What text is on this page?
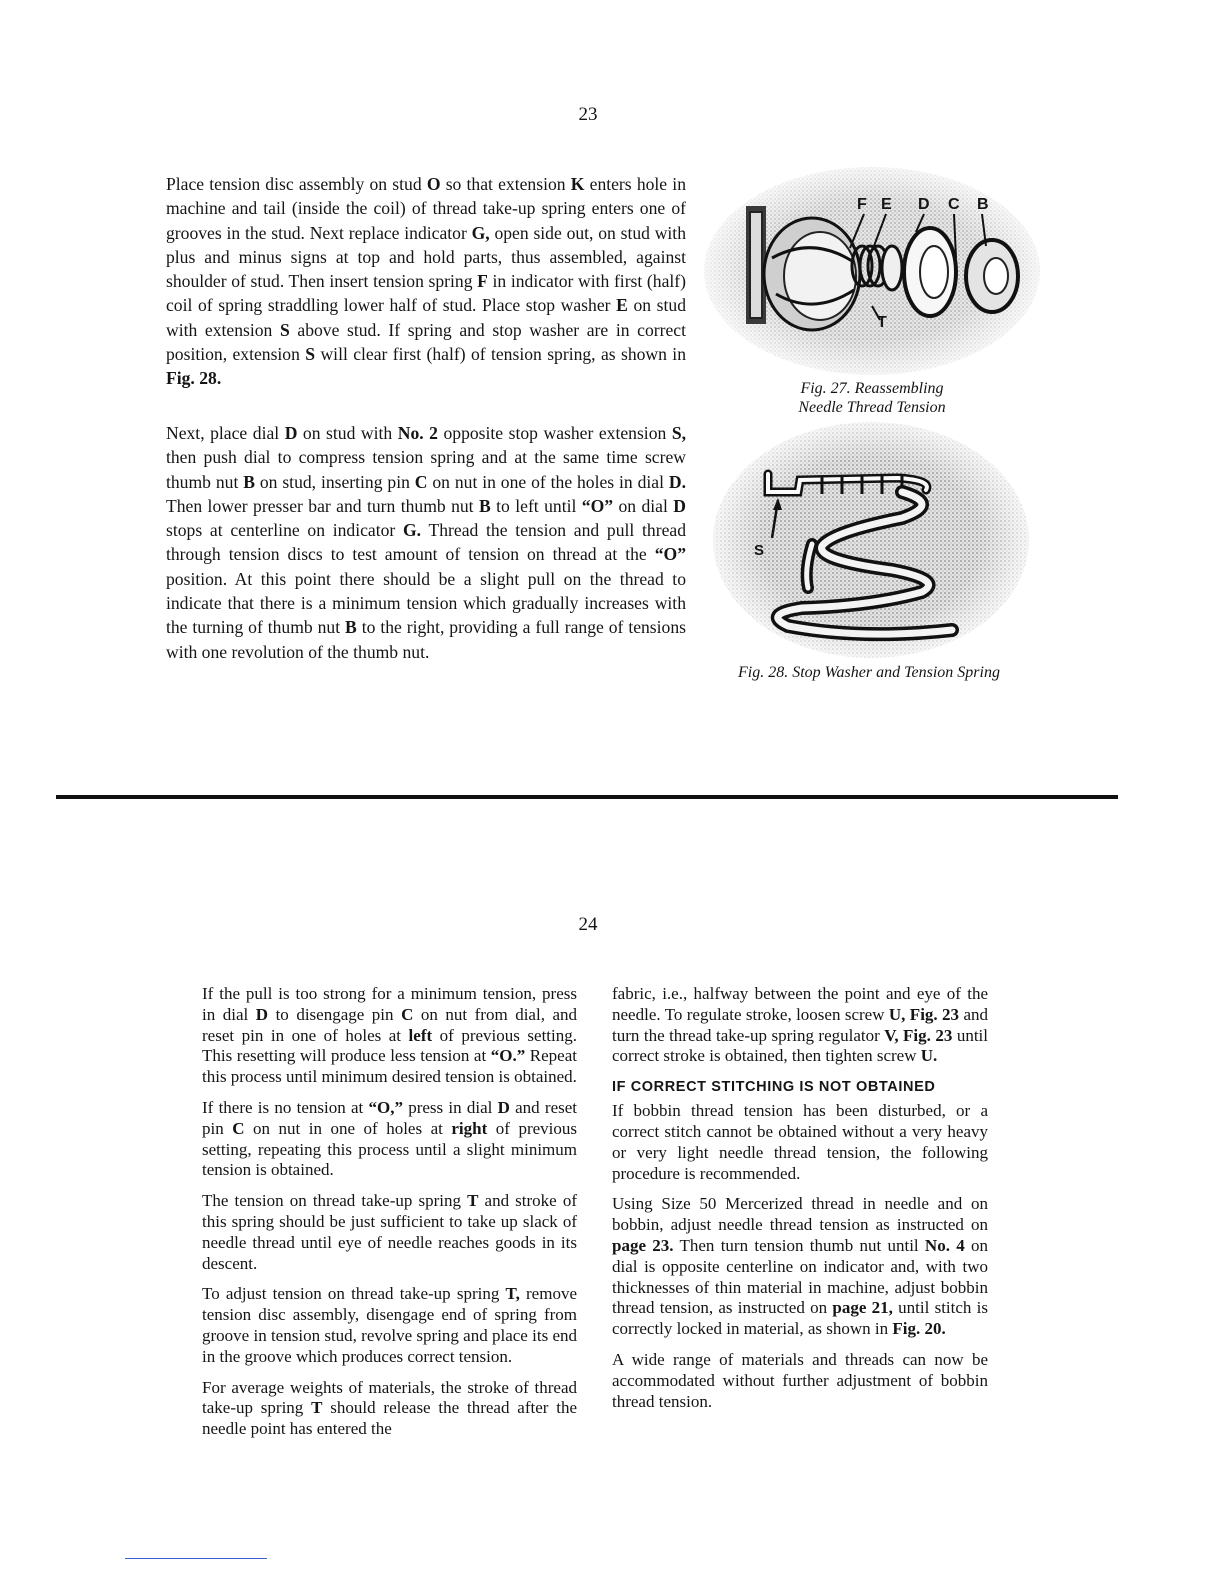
23

Place tension disc assembly on stud O so that extension K enters hole in machine and tail (inside the coil) of thread take-up spring enters one of grooves in the stud. Next replace indicator G, open side out, on stud with plus and minus signs at top and hold parts, thus assembled, against shoulder of stud. Then insert tension spring F in indicator with first (half) coil of spring straddling lower half of stud. Place stop washer E on stud with extension S above stud. If spring and stop washer are in correct position, extension S will clear first (half) of tension spring, as shown in Fig. 28.

Next, place dial D on stud with No. 2 opposite stop washer extension S, then push dial to compress tension spring and at the same time screw thumb nut B on stud, inserting pin C on nut in one of the holes in dial D. Then lower presser bar and turn thumb nut B to left until “O” on dial D stops at centerline on indicator G. Thread the tension and pull thread through tension discs to test amount of tension on thread at the “O” position. At this point there should be a slight pull on the thread to indicate that there is a minimum tension which gradually increases with the turning of thumb nut B to the right, providing a full range of tensions with one revolution of the thumb nut.

F E D C B
T
Fig. 27. Reassembling
Needle Thread Tension
S
Fig. 28. Stop Washer and Tension Spring
24

If the pull is too strong for a minimum tension, press in dial D to disengage pin C on nut from dial, and reset pin in one of holes at left of previous setting. This resetting will produce less tension at “O.” Repeat this process until minimum desired tension is obtained.

If there is no tension at “O,” press in dial D and reset pin C on nut in one of holes at right of previous setting, repeating this process until a slight minimum tension is obtained.

The tension on thread take-up spring T and stroke of this spring should be just sufficient to take up slack of needle thread until eye of needle reaches goods in its descent.

To adjust tension on thread take-up spring T, remove tension disc assembly, disengage end of spring from groove in tension stud, revolve spring and place its end in the groove which produces correct tension.

For average weights of materials, the stroke of thread take-up spring T should release the thread after the needle point has entered the

fabric, i.e., halfway between the point and eye of the needle. To regulate stroke, loosen screw U, Fig. 23 and turn the thread take-up spring regulator V, Fig. 23 until correct stroke is obtained, then tighten screw U.

IF CORRECT STITCHING IS NOT OBTAINED

If bobbin thread tension has been disturbed, or a correct stitch cannot be obtained without a very heavy or very light needle thread tension, the following procedure is recommended.

Using Size 50 Mercerized thread in needle and on bobbin, adjust needle thread tension as instructed on page 23. Then turn tension thumb nut until No. 4 on dial is opposite centerline on indicator and, with two thicknesses of thin material in machine, adjust bobbin thread tension, as instructed on page 21, until stitch is correctly locked in material, as shown in Fig. 20.

A wide range of materials and threads can now be accommodated without further adjustment of bobbin thread tension.
